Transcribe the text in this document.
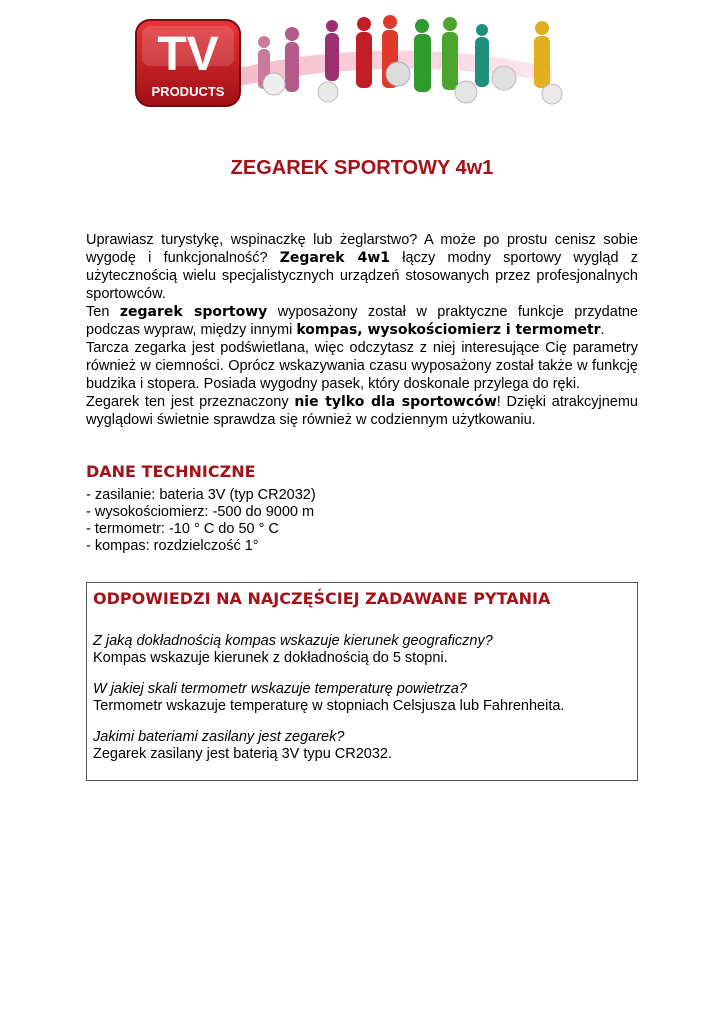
TV
PRODUCTS
ZEGAREK SPORTOWY 4w1

Uprawiasz turystykę, wspinaczkę lub żeglarstwo? A może po prostu cenisz sobie wygodę i funkcjonalność? Zegarek 4w1 łączy modny sportowy wygląd z użytecznością wielu specjalistycznych urządzeń stosowanych przez profesjonalnych sportowców.

Ten zegarek sportowy wyposażony został w praktyczne funkcje przydatne podczas wypraw, między innymi kompas, wysokościomierz i termometr.

Tarcza zegarka jest podświetlana, więc odczytasz z niej interesujące Cię parametry również w ciemności. Oprócz wskazywania czasu wyposażony został także w funkcję budzika i stopera. Posiada wygodny pasek, który doskonale przylega do ręki.

Zegarek ten jest przeznaczony nie tylko dla sportowców! Dzięki atrakcyjnemu wyglądowi świetnie sprawdza się również w codziennym użytkowaniu.

DANE TECHNICZNE
- zasilanie: bateria 3V (typ CR2032)
- wysokościomierz: -500 do 9000 m
- termometr: -10 ° C do 50 ° C
- kompas: rozdzielczość 1°
ODPOWIEDZI NA NAJCZĘŚCIEJ ZADAWANE PYTANIA
Z jaką dokładnością kompas wskazuje kierunek geograficzny?
Kompas wskazuje kierunek z dokładnością do 5 stopni.
W jakiej skali termometr wskazuje temperaturę powietrza?
Termometr wskazuje temperaturę w stopniach Celsjusza lub Fahrenheita.
Jakimi bateriami zasilany jest zegarek?
Zegarek zasilany jest baterią 3V typu CR2032.
